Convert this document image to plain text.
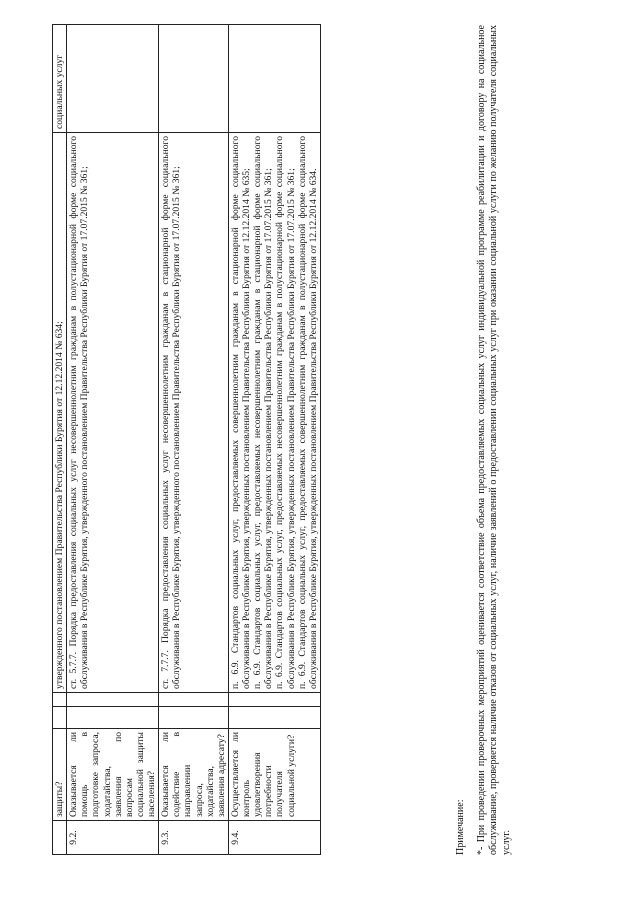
	защиты?			утвержденного постановлением Правительства Республики Бурятия от 12.12.2014 № 634;	социальных услуг
9.2.	Оказывается ли помощь в подготовке запроса, ходатайства, заявления по вопросам социальной защиты населения?			ст. 5.7.7. Порядка предоставления социальных услуг несовершеннолетним гражданам в полустационарной форме социального обслуживания в Республике Бурятия, утвержденного постановлением Правительства Республики Бурятия от 17.07.2015 № 361;	

9.3.	Оказывается ли содействие в направлении запроса, ходатайства, заявления адресату?			ст. 7.7.7. Порядка предоставления социальных услуг несовершеннолетним гражданам в стационарной форме социального обслуживания в Республике Бурятия, утвержденного постановлением Правительства Республики Бурятия от 17.07.2015 № 361;	

9.4.	Осуществляется ли контроль удовлетворения потребности получателя социальной услуги?			п. 6.9. Стандартов социальных услуг, предоставляемых совершеннолетним гражданам в стационарной форме социального обслуживания в Республике Бурятия, утвержденных постановлением Правительства Республики Бурятия от 12.12.2014 № 635; п. 6.9. Стандартов социальных услуг, предоставляемых несовершеннолетним гражданам в стационарной форме социального обслуживания в Республике Бурятия, утвержденных постановлением Правительства Республики Бурятия от 17.07.2015 № 361; п. 6.9. Стандартов социальных услуг, предоставляемых несовершеннолетним гражданам в полустационарной форме социального обслуживания в Республике Бурятия, утвержденных постановлением Правительства Республики Бурятия от 17.07.2015 № 361; п. 6.9. Стандартов социальных услуг, предоставляемых совершеннолетним гражданам в полустационарной форме социального обслуживания в Республике Бурятия, утвержденных постановлением Правительства Республики Бурятия от 12.12.2014 № 634.	

Примечание: *- При проведении проверочных мероприятий оценивается соответствие объема предоставляемых социальных услуг индивидуальной программе реабилитации и договору на социальное обслуживание, проверяется наличие отказов от социальных услуг, наличие заявлений о предоставлении социальных услуг при оказании социальной услуги по желанию получателя социальных услуг.
